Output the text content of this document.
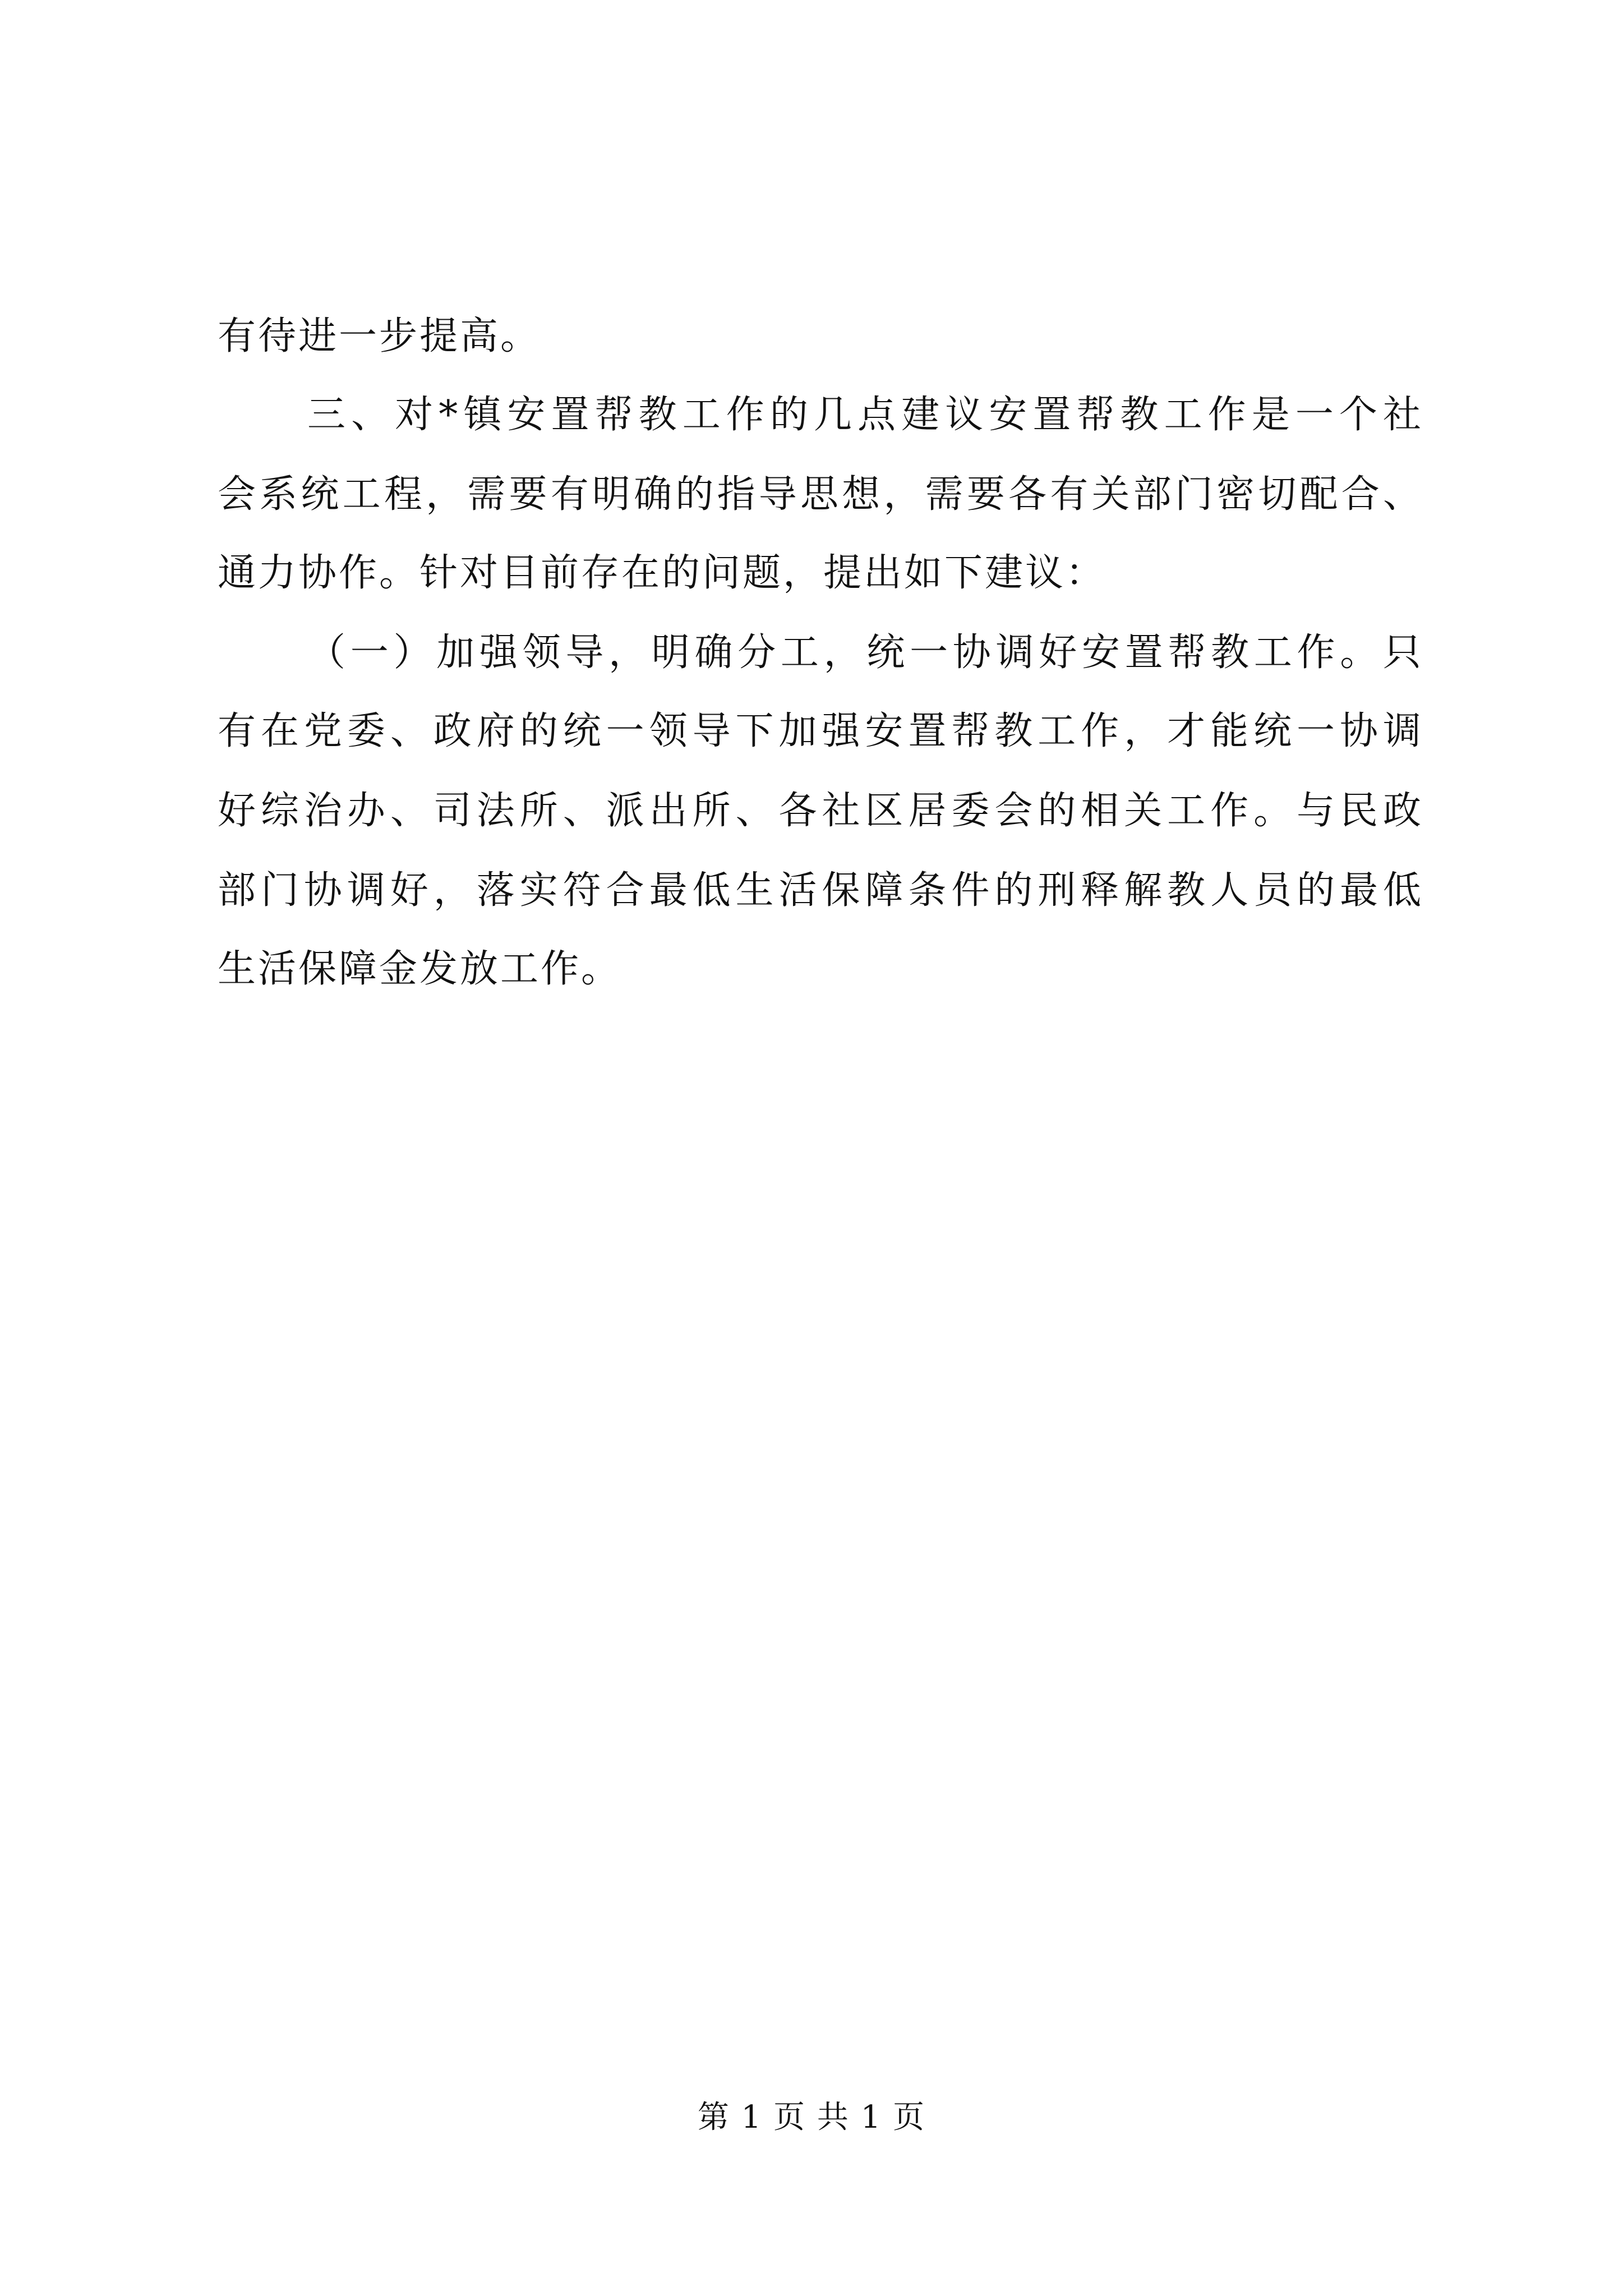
有待进一步提高。
三、对*镇安置帮教工作的几点建议安置帮教工作是一个社
会系统工程，需要有明确的指导思想，需要各有关部门密切配合、
通力协作。针对目前存在的问题，提出如下建议：
（一）加强领导，明确分工，统一协调好安置帮教工作。只
有在党委、政府的统一领导下加强安置帮教工作，才能统一协调
好综治办、司法所、派出所、各社区居委会的相关工作。与民政
部门协调好，落实符合最低生活保障条件的刑释解教人员的最低
生活保障金发放工作。
第 1 页 共 1 页
